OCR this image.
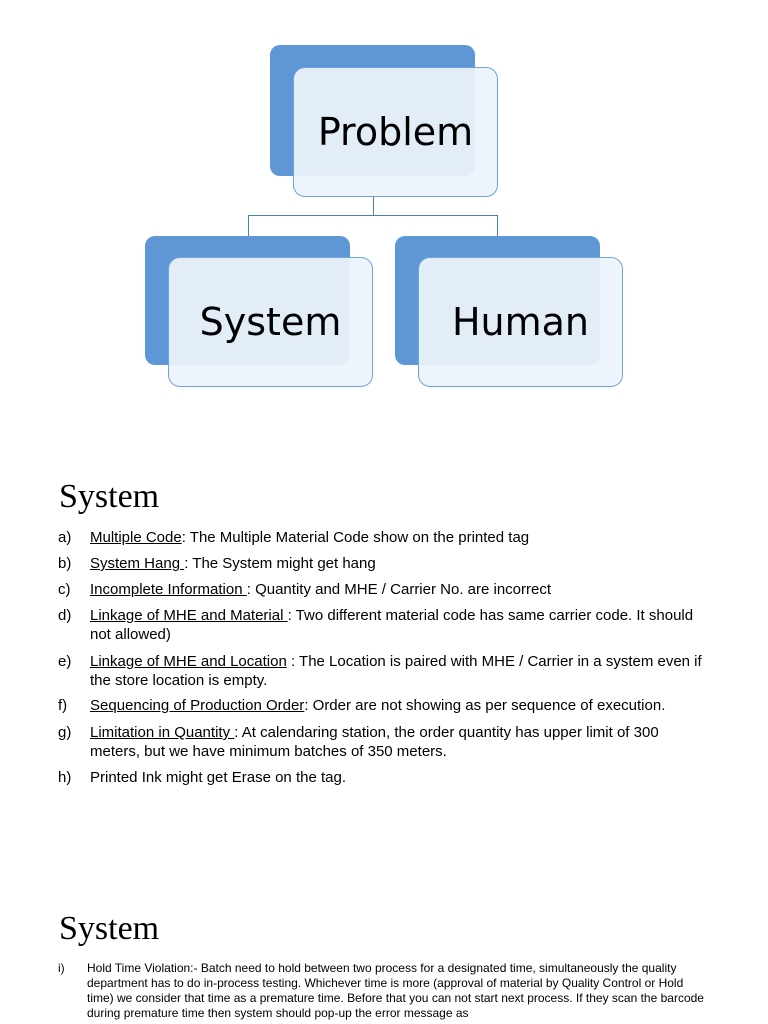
Problem
System	Human
System
a) Multiple Code: The Multiple Material Code show on the printed tag
b) System Hang : The System might get hang
c) Incomplete Information : Quantity and MHE / Carrier No. are incorrect
d) Linkage of MHE and Material : Two different material code has same carrier code. It should not allowed)
e) Linkage of MHE and Location : The Location is paired with MHE / Carrier in a system even if the store location is empty.
f) Sequencing of Production Order: Order are not showing as per sequence of execution.
g) Limitation in Quantity : At calendaring station, the order quantity has upper limit of 300 meters, but we have minimum batches of 350 meters.
h) Printed Ink might get Erase on the tag.
System
i) Hold Time Violation:- Batch need to hold between two process for a designated time, simultaneously the quality department has to do in-process testing. Whichever time is more (approval of material by Quality Control or Hold time) we consider that time as a premature time. Before that you can not start next process. If they scan the barcode during premature time then system should pop-up the error message as
